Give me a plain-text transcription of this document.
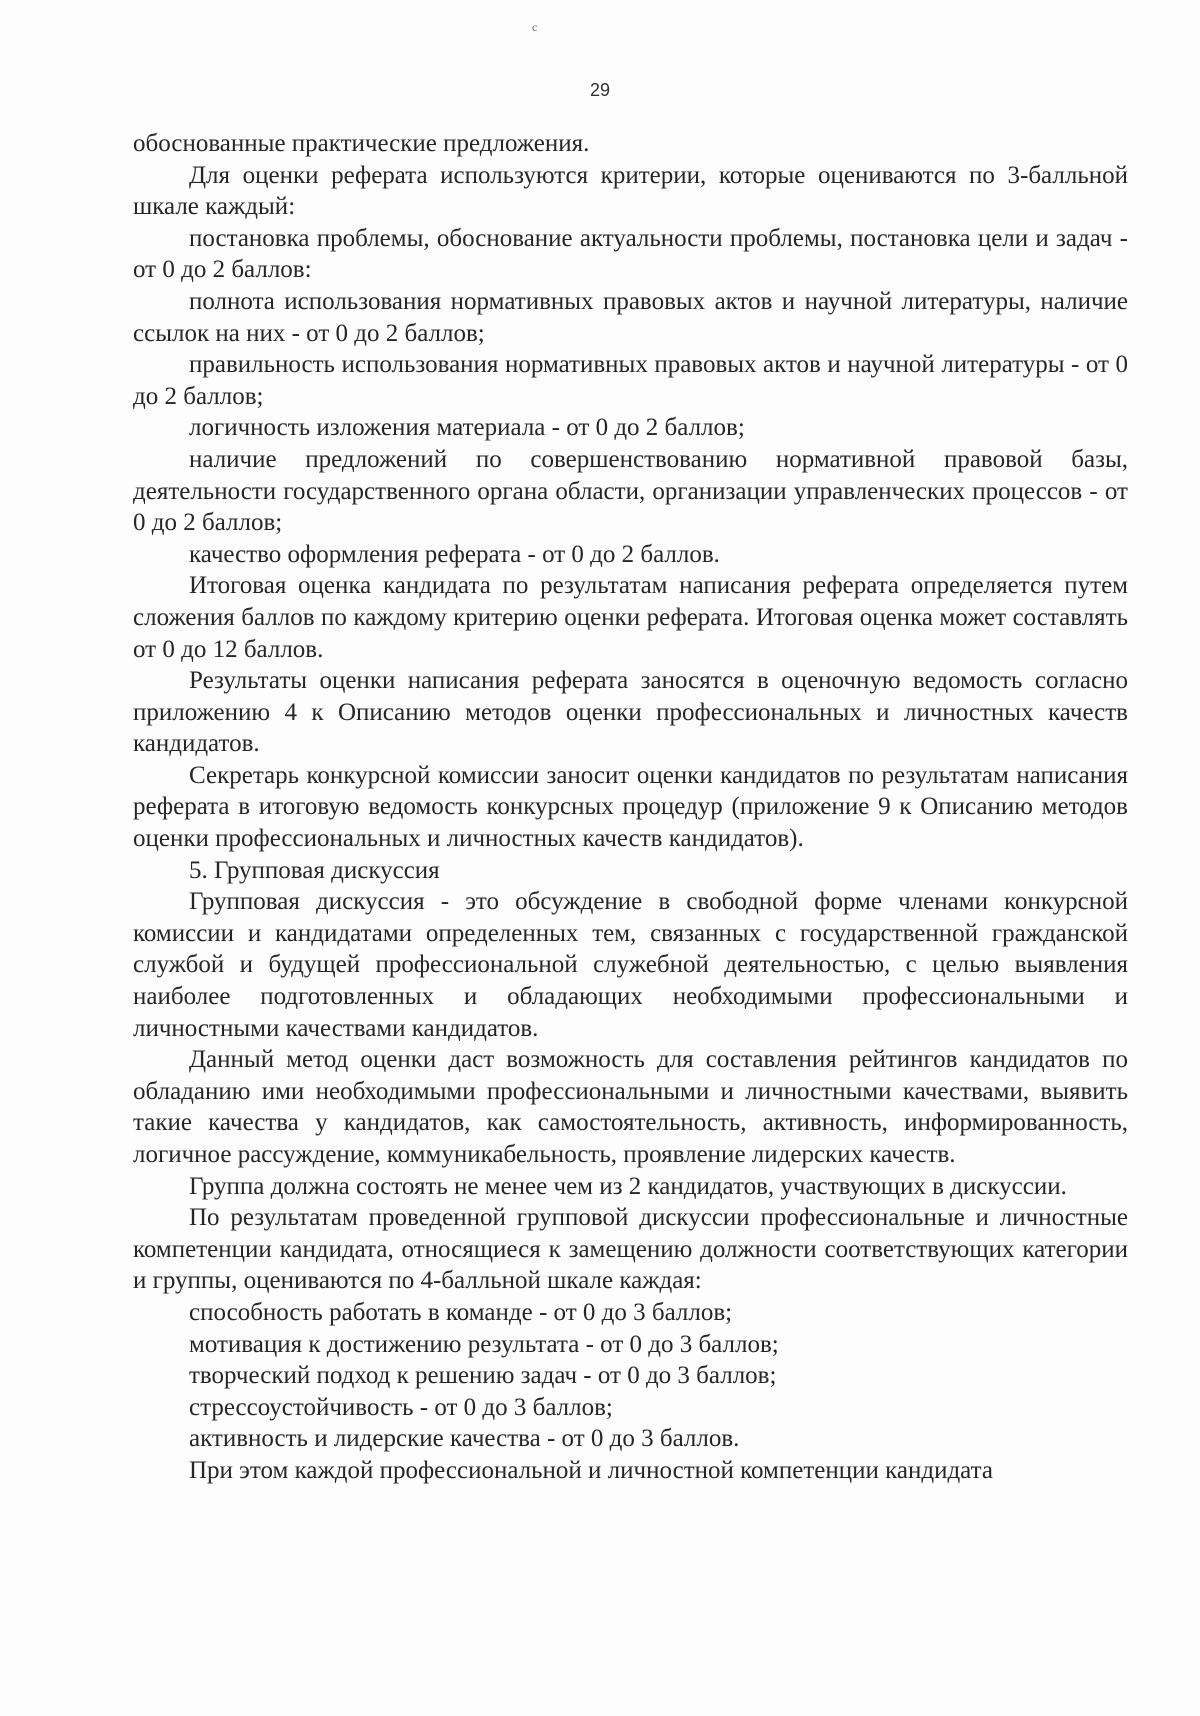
с
29

обоснованные практические предложения.

Для оценки реферата используются критерии, которые оцениваются по 3-балльной шкале каждый:

постановка проблемы, обоснование актуальности проблемы, постановка цели и задач - от 0 до 2 баллов:

полнота использования нормативных правовых актов и научной литературы, наличие ссылок на них - от 0 до 2 баллов;

правильность использования нормативных правовых актов и научной литературы - от 0 до 2 баллов;

логичность изложения материала - от 0 до 2 баллов;

наличие предложений по совершенствованию нормативной правовой базы, деятельности государственного органа области, организации управленческих процессов - от 0 до 2 баллов;

качество оформления реферата - от 0 до 2 баллов.

Итоговая оценка кандидата по результатам написания реферата определяется путем сложения баллов по каждому критерию оценки реферата. Итоговая оценка может составлять от 0 до 12 баллов.

Результаты оценки написания реферата заносятся в оценочную ведомость согласно приложению 4 к Описанию методов оценки профессиональных и личностных качеств кандидатов.

Секретарь конкурсной комиссии заносит оценки кандидатов по результатам написания реферата в итоговую ведомость конкурсных процедур (приложение 9 к Описанию методов оценки профессиональных и личностных качеств кандидатов).

5. Групповая дискуссия

Групповая дискуссия - это обсуждение в свободной форме членами конкурсной комиссии и кандидатами определенных тем, связанных с государственной гражданской службой и будущей профессиональной служебной деятельностью, с целью выявления наиболее подготовленных и обладающих необходимыми профессиональными и личностными качествами кандидатов.

Данный метод оценки даст возможность для составления рейтингов кандидатов по обладанию ими необходимыми профессиональными и личностными качествами, выявить такие качества у кандидатов, как самостоятельность, активность, информированность, логичное рассуждение, коммуникабельность, проявление лидерских качеств.

Группа должна состоять не менее чем из 2 кандидатов, участвующих в дискуссии.

По результатам проведенной групповой дискуссии профессиональные и личностные компетенции кандидата, относящиеся к замещению должности соответствующих категории и группы, оцениваются по 4-балльной шкале каждая:

способность работать в команде - от 0 до 3 баллов;

мотивация к достижению результата - от 0 до 3 баллов;

творческий подход к решению задач - от 0 до 3 баллов;

стрессоустойчивость - от 0 до 3 баллов;

активность и лидерские качества - от 0 до 3 баллов.

При этом каждой профессиональной и личностной компетенции кандидата
